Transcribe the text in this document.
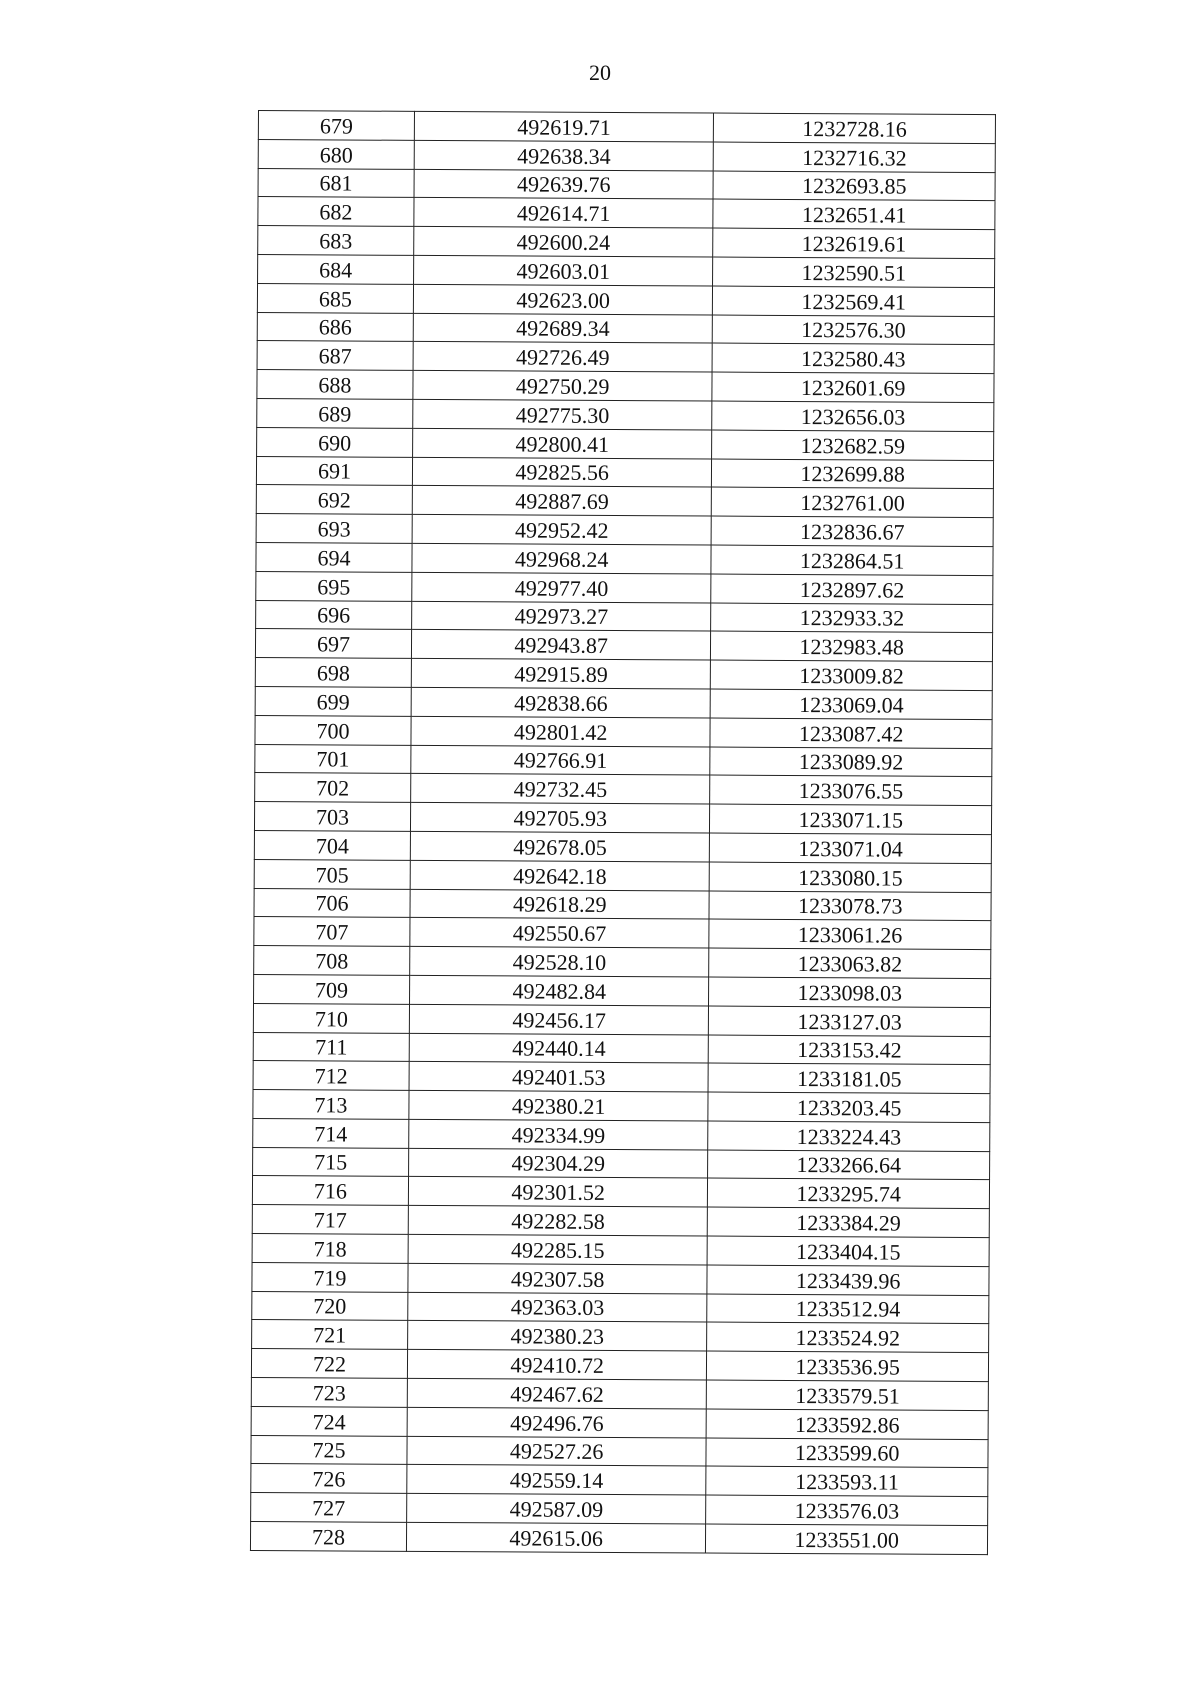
20
679	492619.71	1232728.16
680	492638.34	1232716.32
681	492639.76	1232693.85
682	492614.71	1232651.41
683	492600.24	1232619.61
684	492603.01	1232590.51
685	492623.00	1232569.41
686	492689.34	1232576.30
687	492726.49	1232580.43
688	492750.29	1232601.69
689	492775.30	1232656.03
690	492800.41	1232682.59
691	492825.56	1232699.88
692	492887.69	1232761.00
693	492952.42	1232836.67
694	492968.24	1232864.51
695	492977.40	1232897.62
696	492973.27	1232933.32
697	492943.87	1232983.48
698	492915.89	1233009.82
699	492838.66	1233069.04
700	492801.42	1233087.42
701	492766.91	1233089.92
702	492732.45	1233076.55
703	492705.93	1233071.15
704	492678.05	1233071.04
705	492642.18	1233080.15
706	492618.29	1233078.73
707	492550.67	1233061.26
708	492528.10	1233063.82
709	492482.84	1233098.03
710	492456.17	1233127.03
711	492440.14	1233153.42
712	492401.53	1233181.05
713	492380.21	1233203.45
714	492334.99	1233224.43
715	492304.29	1233266.64
716	492301.52	1233295.74
717	492282.58	1233384.29
718	492285.15	1233404.15
719	492307.58	1233439.96
720	492363.03	1233512.94
721	492380.23	1233524.92
722	492410.72	1233536.95
723	492467.62	1233579.51
724	492496.76	1233592.86
725	492527.26	1233599.60
726	492559.14	1233593.11
727	492587.09	1233576.03
728	492615.06	1233551.00
